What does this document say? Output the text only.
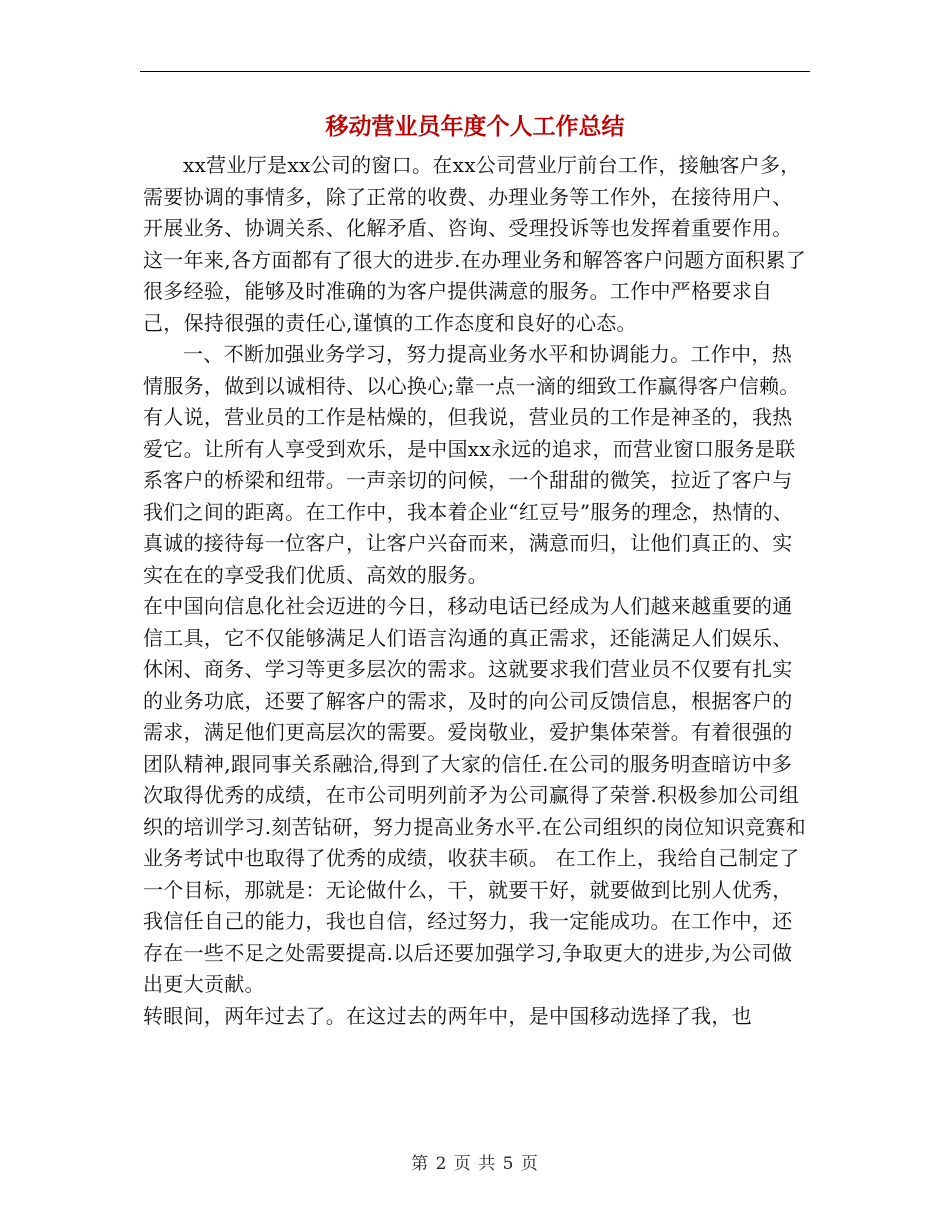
移动营业员年度个人工作总结

xx营业厅是xx公司的窗口。在xx公司营业厅前台工作，接触客户多，需要协调的事情多，除了正常的收费、办理业务等工作外，在接待用户、开展业务、协调关系、化解矛盾、咨询、受理投诉等也发挥着重要作用。 这一年来,各方面都有了很大的进步.在办理业务和解答客户问题方面积累了很多经验，能够及时准确的为客户提供满意的服务。工作中严格要求自己，保持很强的责任心,谨慎的工作态度和良好的心态。

一、不断加强业务学习，努力提高业务水平和协调能力。工作中，热情服务，做到以诚相待、以心换心;靠一点一滴的细致工作赢得客户信赖。 有人说，营业员的工作是枯燥的，但我说，营业员的工作是神圣的，我热爱它。让所有人享受到欢乐，是中国xx永远的追求，而营业窗口服务是联系客户的桥梁和纽带。一声亲切的问候，一个甜甜的微笑，拉近了客户与我们之间的距离。在工作中，我本着企业“红豆号”服务的理念，热情的、真诚的接待每一位客户，让客户兴奋而来，满意而归，让他们真正的、实实在在的享受我们优质、高效的服务。

在中国向信息化社会迈进的今日，移动电话已经成为人们越来越重要的通信工具，它不仅能够满足人们语言沟通的真正需求，还能满足人们娱乐、休闲、商务、学习等更多层次的需求。这就要求我们营业员不仅要有扎实的业务功底，还要了解客户的需求，及时的向公司反馈信息，根据客户的需求，满足他们更高层次的需要。爱岗敬业，爱护集体荣誉。有着很强的团队精神,跟同事关系融洽,得到了大家的信任.在公司的服务明查暗访中多次取得优秀的成绩，在市公司明列前矛为公司赢得了荣誉.积极参加公司组织的培训学习.刻苦钻研，努力提高业务水平.在公司组织的岗位知识竞赛和业务考试中也取得了优秀的成绩，收获丰硕。 在工作上，我给自己制定了一个目标，那就是：无论做什么，干，就要干好，就要做到比别人优秀，我信任自己的能力，我也自信，经过努力，我一定能成功。在工作中，还存在一些不足之处需要提高.以后还要加强学习,争取更大的进步,为公司做出更大贡献。

转眼间，两年过去了。在这过去的两年中，是中国移动选择了我，也

第 2 页 共 5 页
